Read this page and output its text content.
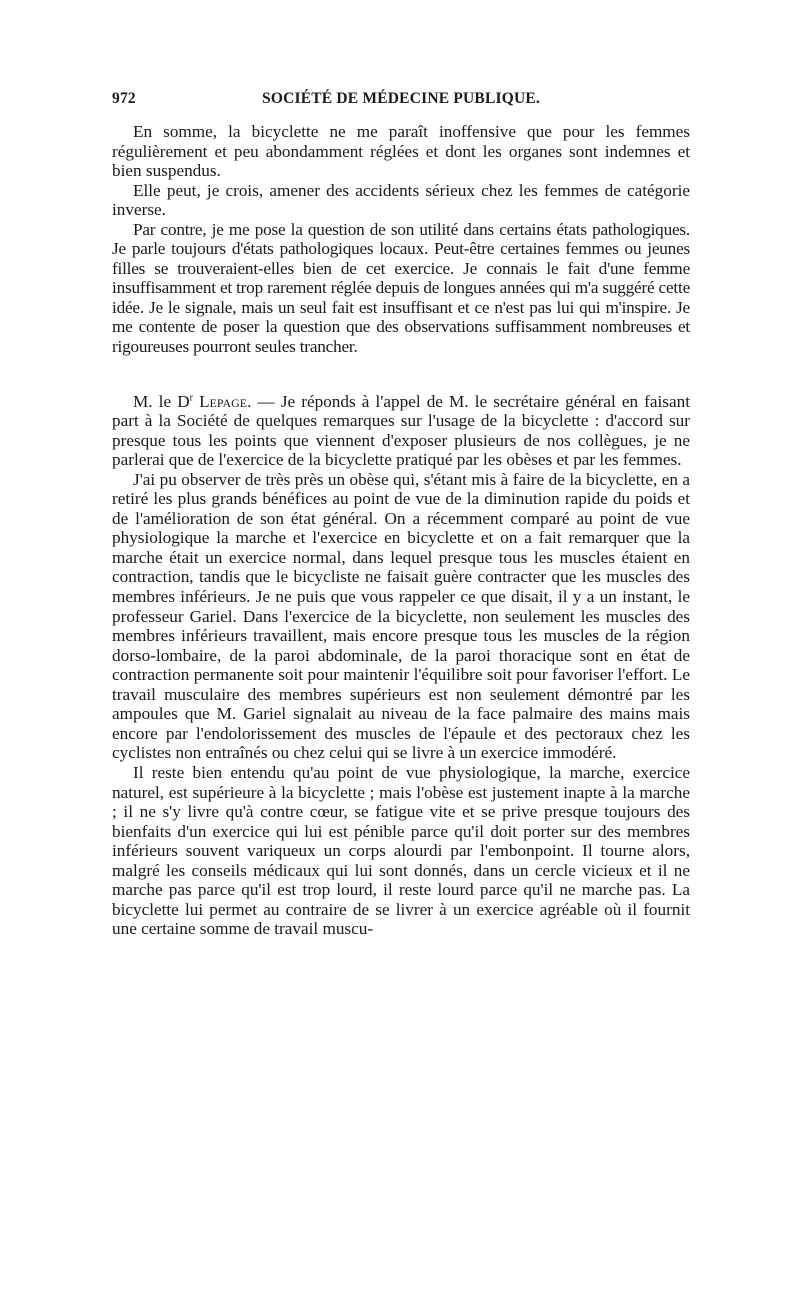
972	SOCIÉTÉ DE MÉDECINE PUBLIQUE.

En somme, la bicyclette ne me paraît inoffensive que pour les femmes régulièrement et peu abondamment réglées et dont les organes sont indemnes et bien suspendus.

Elle peut, je crois, amener des accidents sérieux chez les femmes de catégorie inverse.

Par contre, je me pose la question de son utilité dans certains états pathologiques. Je parle toujours d'états pathologiques locaux. Peut-être certaines femmes ou jeunes filles se trouveraient-elles bien de cet exercice. Je connais le fait d'une femme insuffisamment et trop rarement réglée depuis de longues années qui m'a suggéré cette idée. Je le signale, mais un seul fait est insuffisant et ce n'est pas lui qui m'inspire. Je me contente de poser la question que des observations suffisamment nombreuses et rigoureuses pourront seules trancher.

M. le $D^r$ Lepage. — Je réponds à l'appel de M. le secrétaire général en faisant part à la Société de quelques remarques sur l'usage de la bicyclette : d'accord sur presque tous les points que viennent d'exposer plusieurs de nos collègues, je ne parlerai que de l'exercice de la bicyclette pratiqué par les obèses et par les femmes.

J'ai pu observer de très près un obèse qui, s'étant mis à faire de la bicyclette, en a retiré les plus grands bénéfices au point de vue de la diminution rapide du poids et de l'amélioration de son état général. On a récemment comparé au point de vue physiologique la marche et l'exercice en bicyclette et on a fait remarquer que la marche était un exercice normal, dans lequel presque tous les muscles étaient en contraction, tandis que le bicycliste ne faisait guère contracter que les muscles des membres inférieurs. Je ne puis que vous rappeler ce que disait, il y a un instant, le professeur Gariel. Dans l'exercice de la bicyclette, non seulement les muscles des membres inférieurs travaillent, mais encore presque tous les muscles de la région dorso-lombaire, de la paroi abdominale, de la paroi thoracique sont en état de contraction permanente soit pour maintenir l'équilibre soit pour favoriser l'effort. Le travail musculaire des membres supérieurs est non seulement démontré par les ampoules que M. Gariel signalait au niveau de la face palmaire des mains mais encore par l'endolorissement des muscles de l'épaule et des pectoraux chez les cyclistes non entraînés ou chez celui qui se livre à un exercice immodéré.

Il reste bien entendu qu'au point de vue physiologique, la marche, exercice naturel, est supérieure à la bicyclette ; mais l'obèse est justement inapte à la marche ; il ne s'y livre qu'à contre cœur, se fatigue vite et se prive presque toujours des bienfaits d'un exercice qui lui est pénible parce qu'il doit porter sur des membres inférieurs souvent variqueux un corps alourdi par l'embonpoint. Il tourne alors, malgré les conseils médicaux qui lui sont donnés, dans un cercle vicieux et il ne marche pas parce qu'il est trop lourd, il reste lourd parce qu'il ne marche pas. La bicyclette lui permet au contraire de se livrer à un exercice agréable où il fournit une certaine somme de travail muscu-
